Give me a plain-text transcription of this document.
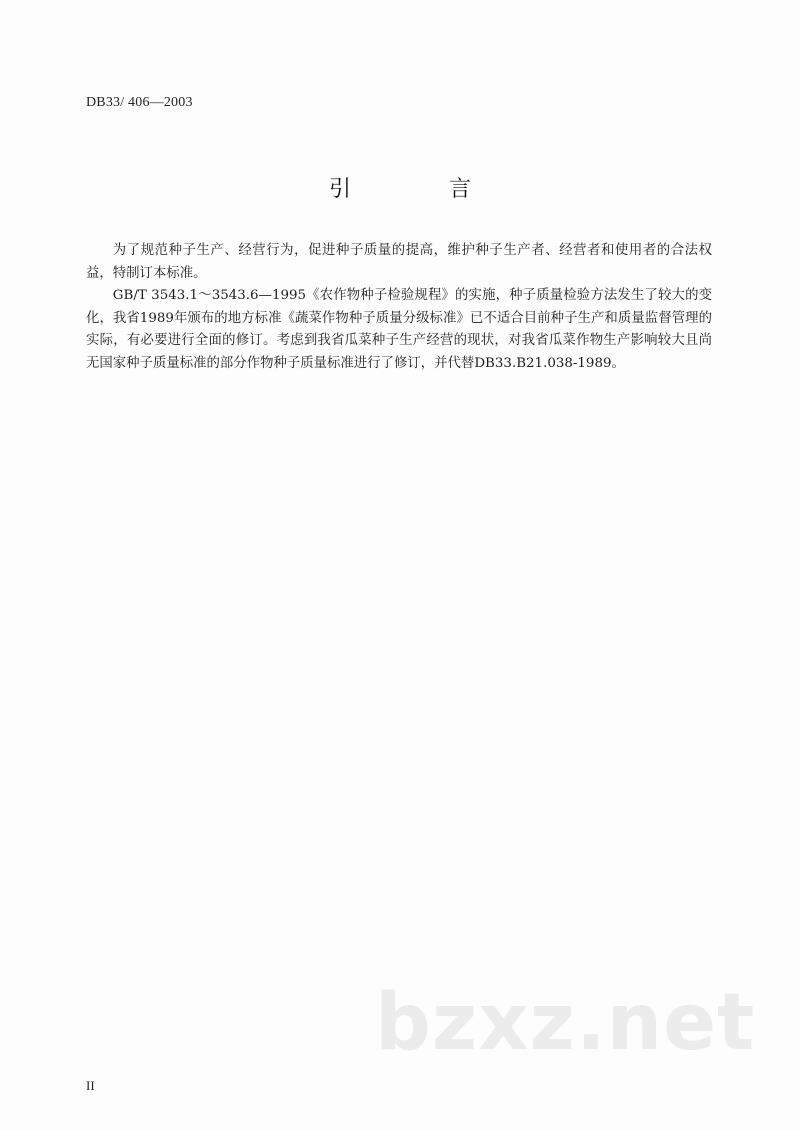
DB33/ 406—2003
引　言

为了规范种子生产、经营行为，促进种子质量的提高，维护种子生产者、经营者和使用者的合法权益，特制订本标准。

GB/T 3543.1～3543.6—1995《农作物种子检验规程》的实施，种子质量检验方法发生了较大的变化，我省1989年颁布的地方标准《蔬菜作物种子质量分级标准》已不适合目前种子生产和质量监督管理的实际，有必要进行全面的修订。考虑到我省瓜菜种子生产经营的现状，对我省瓜菜作物生产影响较大且尚无国家种子质量标准的部分作物种子质量标准进行了修订，并代替DB33.B21.038-1989。

bzxz.net
II
